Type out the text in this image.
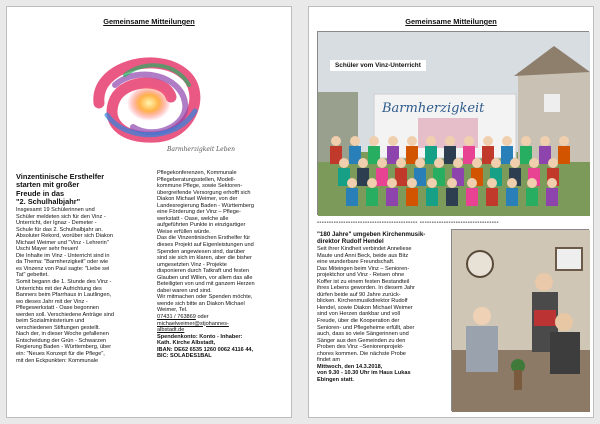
Gemeinsame Mitteilungen
Barmherzigkeit Leben
Vinzentinische Ersthelfer
starten mit großer
Freude in das
"2. Schulhalbjahr"
Insgesamt 19 Schülerinnen und
Schüler meldeten sich für den Vinz -
Unterricht, der Ignaz - Demeter -
Schule für das 2. Schulhalbjahr an.
Absoluter Rekord, worüber sich Diakon
Michael Weimer und "Vinz - Lehrerin"
Uschi Mayer sehr freuen!
Die Inhalte im Vinz - Unterricht sind in
da Thema: "Barmherzigkeit" oder wie
es Vinzenz von Paul sagte: "Liebe sei
Tat" gebettet.
Somit begann die 1. Stunde des Vinz -
Unterrichts mit der Aufrichtung des
Banners beim Pfarrhaus in Lautlingen,
wo dieses Jahr mit der Vinz -
Pflegewerkstatt - Oase begonnen
werden soll. Verschiedene Anträge sind
beim Sozialministerium und
verschiedenen Stiftungen gestellt.
Nach der, in dieser Woche gefallenen
Entscheidung der Grün - Schwarzen
Regierung Baden - Württemberg, über
ein: "Neues Konzept für die Pflege",
mit den Eckpunkten: Kommunale
Pflegekonferenzen, Kommunale
Pflegeberatungsstellen, Modell-
kommune Pflege, sowie Sektoren-
übergreifende Versorgung erhofft sich
Diakon Michael Weimer, von der
Landesregierung Baden - Württemberg
eine Förderung der Vinz – Pflege-
werkstatt - Oase, welche alle
aufgeführten Punkte in einzigartiger
Weise erfüllen würde.
Das die Vinzentinischen Ersthelfer für
dieses Projekt auf Eigenleistungen und
Spenden angewiesen sind, darüber
sind sie sich im klaren, aber die bisher
umgesetzten Vinz - Projekte
disponieren durch Tatkraft und festen
Glauben und Willen, vor allem das alle
Beteiligten von und mit ganzem Herzen
dabei waren und sind.
Wir mitmachen oder Spenden möchte,
wende sich bitte an Diakon Michael
Weimer, Tel.
07431 / 763869 oder
michaelweimer@stjohannes-
albstadt.de
Spendenkonto: Konto - Inhaber:
Kath. Kirche Albstadt,
IBAN: DE62 6535 1260 0062 4116 44,
BIC: SOLADES1BAL
Gemeinsame Mitteilungen
Barmherzigkeit
Schüler vom Vinz-Unterricht
------------------------------------------ ---------------------------------
"180 Jahre" umgeben Kirchenmusik-
direktor Rudolf Hendel
Seit ihrer Kindheit verbindet Anneliese
Maute und Anni Beck, beide aus Bitz
eine wunderbare Freundschaft.
Das Miteingen beim Vinz – Senioren-
projektchor und Vinz - Reisen ohne
Koffer ist zu einem festen Bestandteil
ihres Lebens geworden. In diesem Jahr
dürfen beide auf 90 Jahre zurück-
blicken. Kirchenmusikdirektor Rudolf
Hendel, sowie Diakon Michael Weimer
sind von Herzen dankbar und voll
Freude, über die Kooperation der
Senioren- und Pflegeheime erfüllt, aber
auch, dass so viele Sängerinnen und
Sänger aus den Gemeinden zu den
Proben des Vinz –Seniorenprojekt-
chores kommen. Die nächste Probe
findet am
Mittwoch, den 14.3.2018,
von 9.30 - 10.30 Uhr im Haus Lukas
Ebingen statt.
